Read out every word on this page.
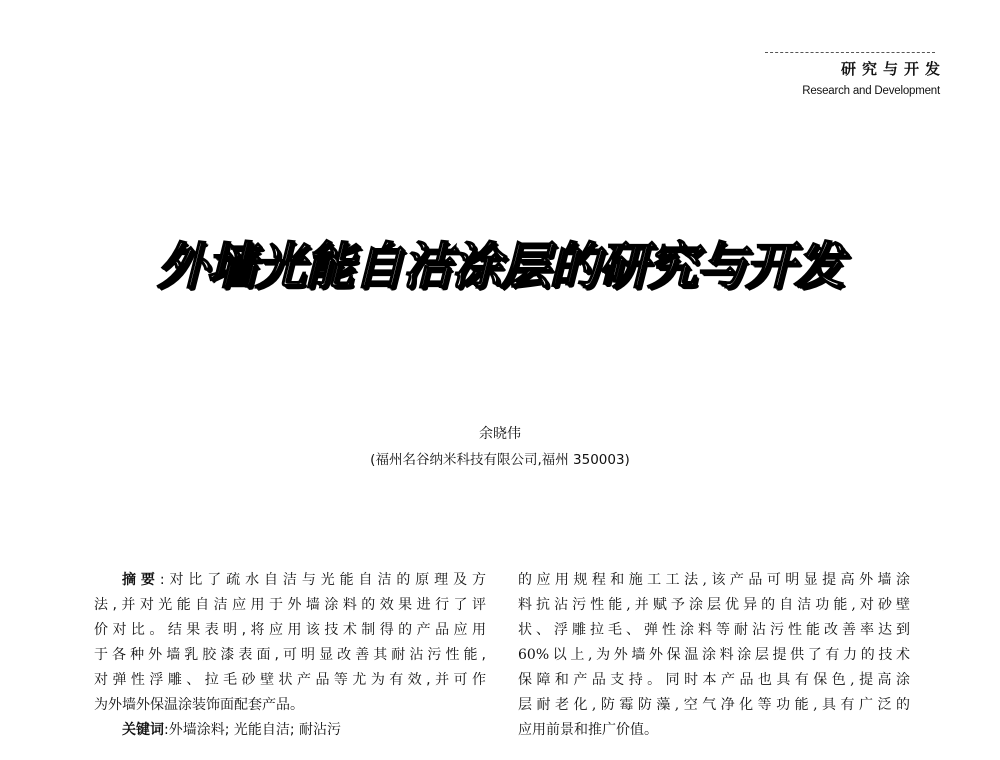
研究与开发
Research and Development
外墙光能自洁涂层的研究与开发
余晓伟
(福州名谷纳米科技有限公司,福州 350003)
摘要:对比了疏水自洁与光能自洁的原理及方
法,并对光能自洁应用于外墙涂料的效果进行了评
价对比。结果表明,将应用该技术制得的产品应用
于各种外墙乳胶漆表面,可明显改善其耐沾污性能,
对弹性浮雕、拉毛砂壁状产品等尤为有效,并可作
为外墙外保温涂装饰面配套产品。
关键词:外墙涂料; 光能自洁; 耐沾污
的应用规程和施工工法,该产品可明显提高外墙涂
料抗沾污性能,并赋予涂层优异的自洁功能,对砂壁
状、浮雕拉毛、弹性涂料等耐沾污性能改善率达到
60%以上,为外墙外保温涂料涂层提供了有力的技术
保障和产品支持。同时本产品也具有保色,提高涂
层耐老化,防霉防藻,空气净化等功能,具有广泛的
应用前景和推广价值。
